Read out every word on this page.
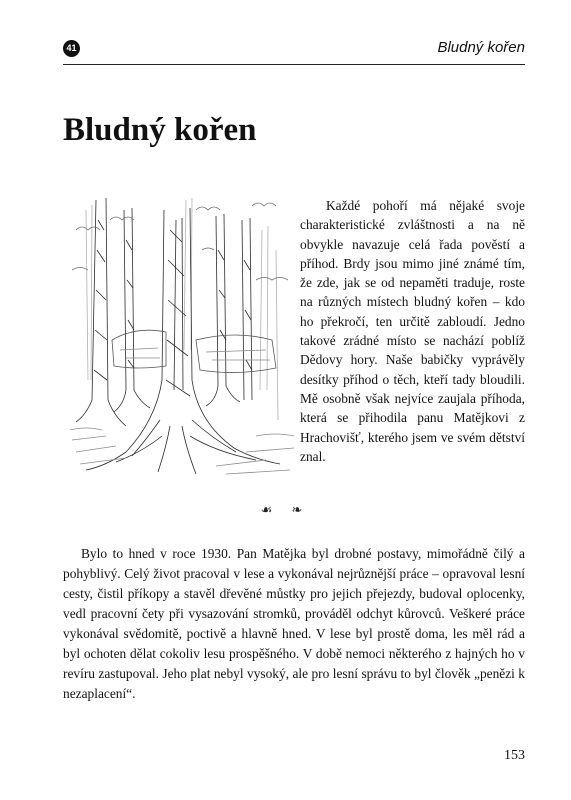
41	Bludný kořen
Bludný kořen

Každé pohoří má nějaké svoje charakteristické zvláštnosti a na ně obvykle navazuje celá řada pověstí a příhod. Brdy jsou mimo jiné známé tím, že zde, jak se od nepaměti traduje, roste na různých místech bludný kořen – kdo ho překročí, ten určitě zabloudí. Jedno takové zrádné místo se nachází poblíž Dědovy hory. Naše babičky vyprávěly desítky příhod o těch, kteří tady bloudili. Mě osobně však nejvíce zaujala příhoda, která se přihodila panu Matějkovi z Hrachovišť, kterého jsem ve svém dětství znal.

☙ ❧

Bylo to hned v roce 1930. Pan Matějka byl drobné postavy, mimořádně čilý a pohyblivý. Celý život pracoval v lese a vykonával nejrůznější práce – opravoval lesní cesty, čistil příkopy a stavěl dřevěné můstky pro jejich přejezdy, budoval oplocenky, vedl pracovní čety při vysazování stromků, prováděl odchyt kůrovců. Veškeré práce vykonával svědomitě, poctivě a hlavně hned. V lese byl prostě doma, les měl rád a byl ochoten dělat cokoliv lesu prospěšného. V době nemoci některého z hajných ho v revíru zastupoval. Jeho plat nebyl vysoký, ale pro lesní správu to byl člověk „penězi k nezaplacení“.

153
